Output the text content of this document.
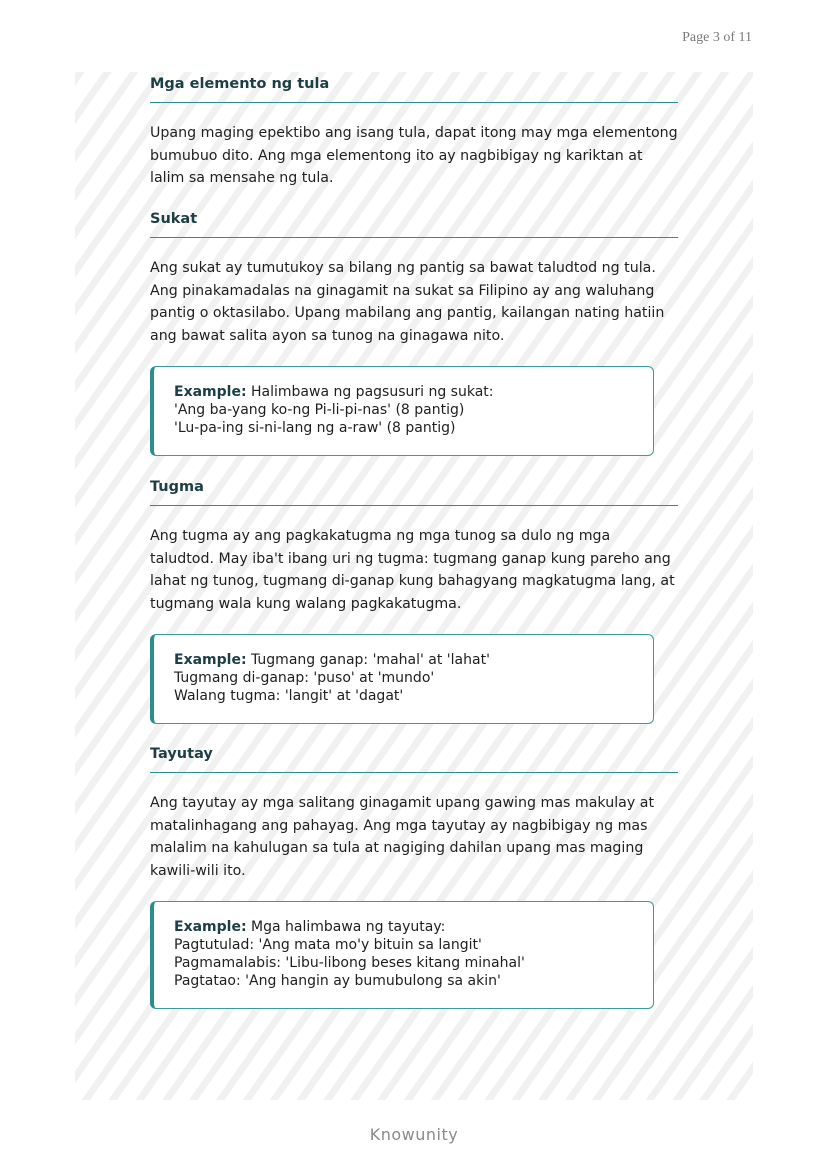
Page 3 of 11
Mga elemento ng tula
Upang maging epektibo ang isang tula, dapat itong may mga elementong bumubuo dito. Ang mga elementong ito ay nagbibigay ng kariktan at lalim sa mensahe ng tula.
Sukat
Ang sukat ay tumutukoy sa bilang ng pantig sa bawat taludtod ng tula. Ang pinakamadalas na ginagamit na sukat sa Filipino ay ang waluhang pantig o oktasilabo. Upang mabilang ang pantig, kailangan nating hatiin ang bawat salita ayon sa tunog na ginagawa nito.
Example: Halimbawa ng pagsusuri ng sukat:
'Ang ba-yang ko-ng Pi-li-pi-nas' (8 pantig)
'Lu-pa-ing si-ni-lang ng a-raw' (8 pantig)
Tugma
Ang tugma ay ang pagkakatugma ng mga tunog sa dulo ng mga taludtod. May iba't ibang uri ng tugma: tugmang ganap kung pareho ang lahat ng tunog, tugmang di-ganap kung bahagyang magkatugma lang, at tugmang wala kung walang pagkakatugma.
Example: Tugmang ganap: 'mahal' at 'lahat'
Tugmang di-ganap: 'puso' at 'mundo'
Walang tugma: 'langit' at 'dagat'
Tayutay
Ang tayutay ay mga salitang ginagamit upang gawing mas makulay at matalinhagang ang pahayag. Ang mga tayutay ay nagbibigay ng mas malalim na kahulugan sa tula at nagiging dahilan upang mas maging kawili-wili ito.
Example: Mga halimbawa ng tayutay:
Pagtutulad: 'Ang mata mo'y bituin sa langit'
Pagmamalabis: 'Libu-libong beses kitang minahal'
Pagtatao: 'Ang hangin ay bumubulong sa akin'
Knowunity
